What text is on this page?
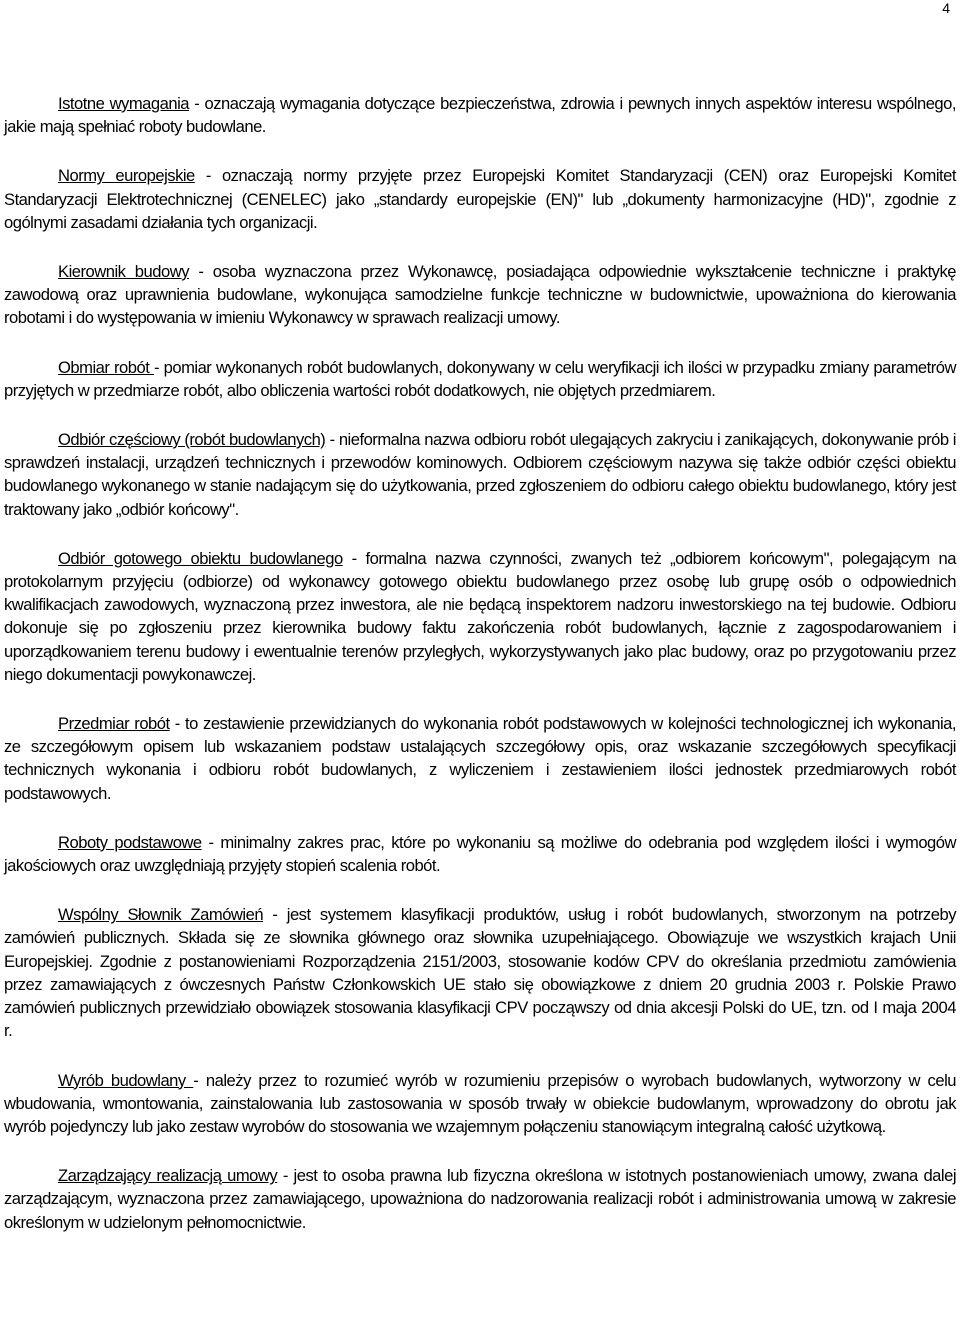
4

Istotne wymagania - oznaczają wymagania dotyczące bezpieczeństwa, zdrowia i pewnych innych aspektów interesu wspólnego, jakie mają spełniać roboty budowlane.

Normy europejskie - oznaczają normy przyjęte przez Europejski Komitet Standaryzacji (CEN) oraz Europejski Komitet Standaryzacji Elektrotechnicznej (CENELEC) jako „standardy europejskie (EN)" lub „dokumenty harmonizacyjne (HD)", zgodnie z ogólnymi zasadami działania tych organizacji.

Kierownik budowy - osoba wyznaczona przez Wykonawcę, posiadająca odpowiednie wykształcenie techniczne i praktykę zawodową oraz uprawnienia budowlane, wykonująca samodzielne funkcje techniczne w budownictwie, upoważniona do kierowania robotami i do występowania w imieniu Wykonawcy w sprawach realizacji umowy.

Obmiar robót - pomiar wykonanych robót budowlanych, dokonywany w celu weryfikacji ich ilości w przypadku zmiany parametrów przyjętych w przedmiarze robót, albo obliczenia wartości robót dodatkowych, nie objętych przedmiarem.

Odbiór częściowy (robót budowlanych) - nieformalna nazwa odbioru robót ulegających zakryciu i zanikających, dokonywanie prób i sprawdzeń instalacji, urządzeń technicznych i przewodów kominowych. Odbiorem częściowym nazywa się także odbiór części obiektu budowlanego wykonanego w stanie nadającym się do użytkowania, przed zgłoszeniem do odbioru całego obiektu budowlanego, który jest traktowany jako „odbiór końcowy".

Odbiór gotowego obiektu budowlanego - formalna nazwa czynności, zwanych też „odbiorem końcowym", polegającym na protokolarnym przyjęciu (odbiorze) od wykonawcy gotowego obiektu budowlanego przez osobę lub grupę osób o odpowiednich kwalifikacjach zawodowych, wyznaczoną przez inwestora, ale nie będącą inspektorem nadzoru inwestorskiego na tej budowie. Odbioru dokonuje się po zgłoszeniu przez kierownika budowy faktu zakończenia robót budowlanych, łącznie z zagospodarowaniem i uporządkowaniem terenu budowy i ewentualnie terenów przyległych, wykorzystywanych jako plac budowy, oraz po przygotowaniu przez niego dokumentacji powykonawczej.

Przedmiar robót - to zestawienie przewidzianych do wykonania robót podstawowych w kolejności technologicznej ich wykonania, ze szczegółowym opisem lub wskazaniem podstaw ustalających szczegółowy opis, oraz wskazanie szczegółowych specyfikacji technicznych wykonania i odbioru robót budowlanych, z wyliczeniem i zestawieniem ilości jednostek przedmiarowych robót podstawowych.

Roboty podstawowe - minimalny zakres prac, które po wykonaniu są możliwe do odebrania pod względem ilości i wymogów jakościowych oraz uwzględniają przyjęty stopień scalenia robót.

Wspólny Słownik Zamówień - jest systemem klasyfikacji produktów, usług i robót budowlanych, stworzonym na potrzeby zamówień publicznych. Składa się ze słownika głównego oraz słownika uzupełniającego. Obowiązuje we wszystkich krajach Unii Europejskiej. Zgodnie z postanowieniami Rozporządzenia 2151/2003, stosowanie kodów CPV do określania przedmiotu zamówienia przez zamawiających z ówczesnych Państw Członkowskich UE stało się obowiązkowe z dniem 20 grudnia 2003 r. Polskie Prawo zamówień publicznych przewidziało obowiązek stosowania klasyfikacji CPV począwszy od dnia akcesji Polski do UE, tzn. od I maja 2004 r.

Wyrób budowlany - należy przez to rozumieć wyrób w rozumieniu przepisów o wyrobach budowlanych, wytworzony w celu wbudowania, wmontowania, zainstalowania lub zastosowania w sposób trwały w obiekcie budowlanym, wprowadzony do obrotu jak wyrób pojedynczy lub jako zestaw wyrobów do stosowania we wzajemnym połączeniu stanowiącym integralną całość użytkową.

Zarządzający realizacją umowy - jest to osoba prawna lub fizyczna określona w istotnych postanowieniach umowy, zwana dalej zarządzającym, wyznaczona przez zamawiającego, upoważniona do nadzorowania realizacji robót i administrowania umową w zakresie określonym w udzielonym pełnomocnictwie.
